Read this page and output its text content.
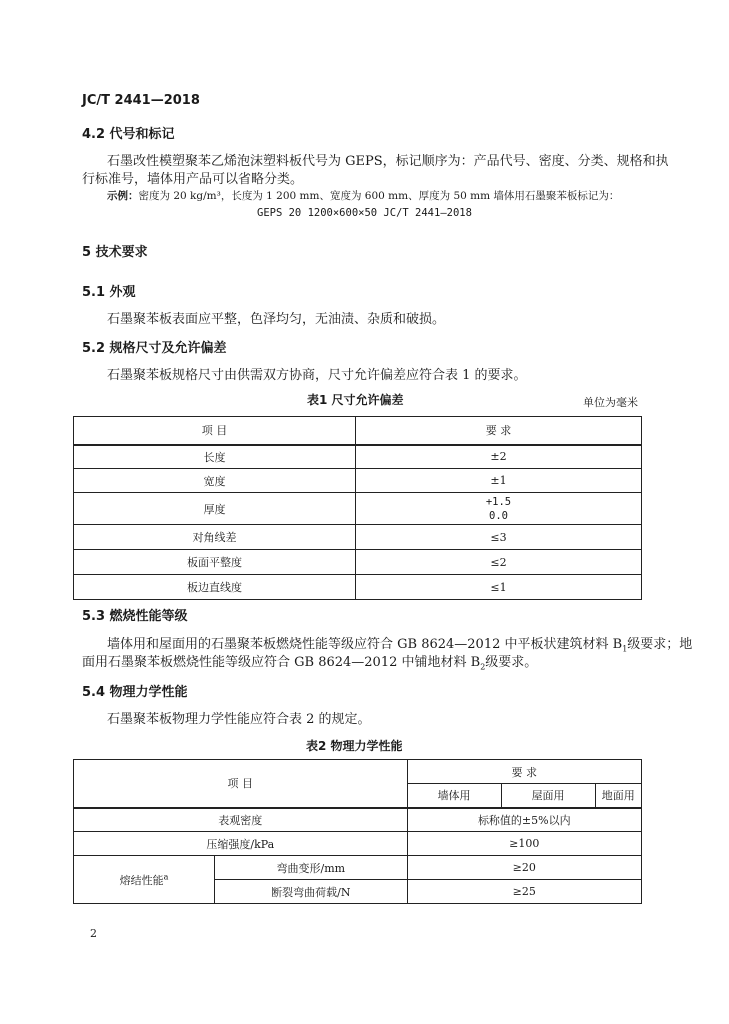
JC/T 2441—2018
4.2 代号和标记
石墨改性模塑聚苯乙烯泡沫塑料板代号为 GEPS，标记顺序为：产品代号、密度、分类、规格和执
行标准号，墙体用产品可以省略分类。
示例：密度为 20 kg/m³，长度为 1 200 mm、宽度为 600 mm、厚度为 50 mm 墙体用石墨聚苯板标记为：
GEPS 20 1200×600×50 JC/T 2441—2018
5 技术要求
5.1 外观
石墨聚苯板表面应平整，色泽均匀，无油渍、杂质和破损。
5.2 规格尺寸及允许偏差
石墨聚苯板规格尺寸由供需双方协商，尺寸允许偏差应符合表 1 的要求。
表1 尺寸允许偏差	单位为毫米
项 目	要 求
长度	±2
宽度	±1
厚度	+1.5
0.0

对角线差	≤3
板面平整度	≤2
板边直线度	≤1
5.3 燃烧性能等级
墙体用和屋面用的石墨聚苯板燃烧性能等级应符合 GB 8624—2012 中平板状建筑材料 $B_1$级要求；地
面用石墨聚苯板燃烧性能等级应符合 GB 8624—2012 中铺地材料 $B_2$级要求。
5.4 物理力学性能
石墨聚苯板物理力学性能应符合表 2 的规定。
表2 物理力学性能
项 目		要 求		
		墙体用	屋面用	地面用
表观密度		标称值的±5%以内		
压缩强度/kPa		≥100		
熔结性能$^a$	弯曲变形/mm	≥20		
	断裂弯曲荷载/N	≥25		
2
